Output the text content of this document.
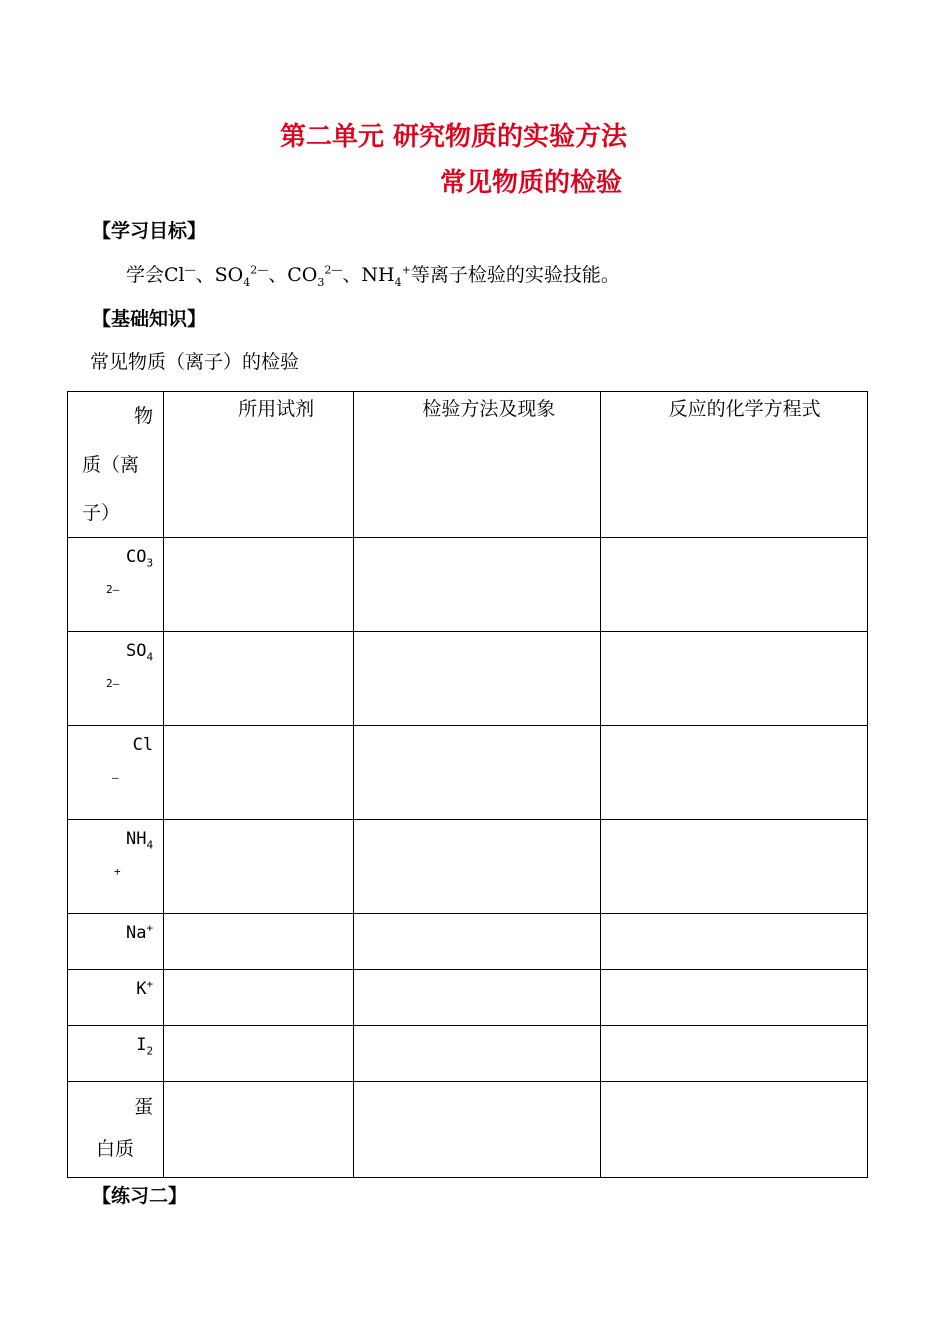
第二单元 研究物质的实验方法
常见物质的检验
【学习目标】
学会Cl—、$SO_4^{2—}$、$CO_3^{2—}$、$NH_4^+$等离子检验的实验技能。
【基础知识】
常见物质（离子）的检验
物
质（离
子）	所用试剂	检验方法及现象	反应的化学方程式

$CO_3$
2—			

$SO_4$
2—			

Cl
—			

$NH_4$
+			

Na+

K+

$I_2$

蛋
白质			

【练习二】
